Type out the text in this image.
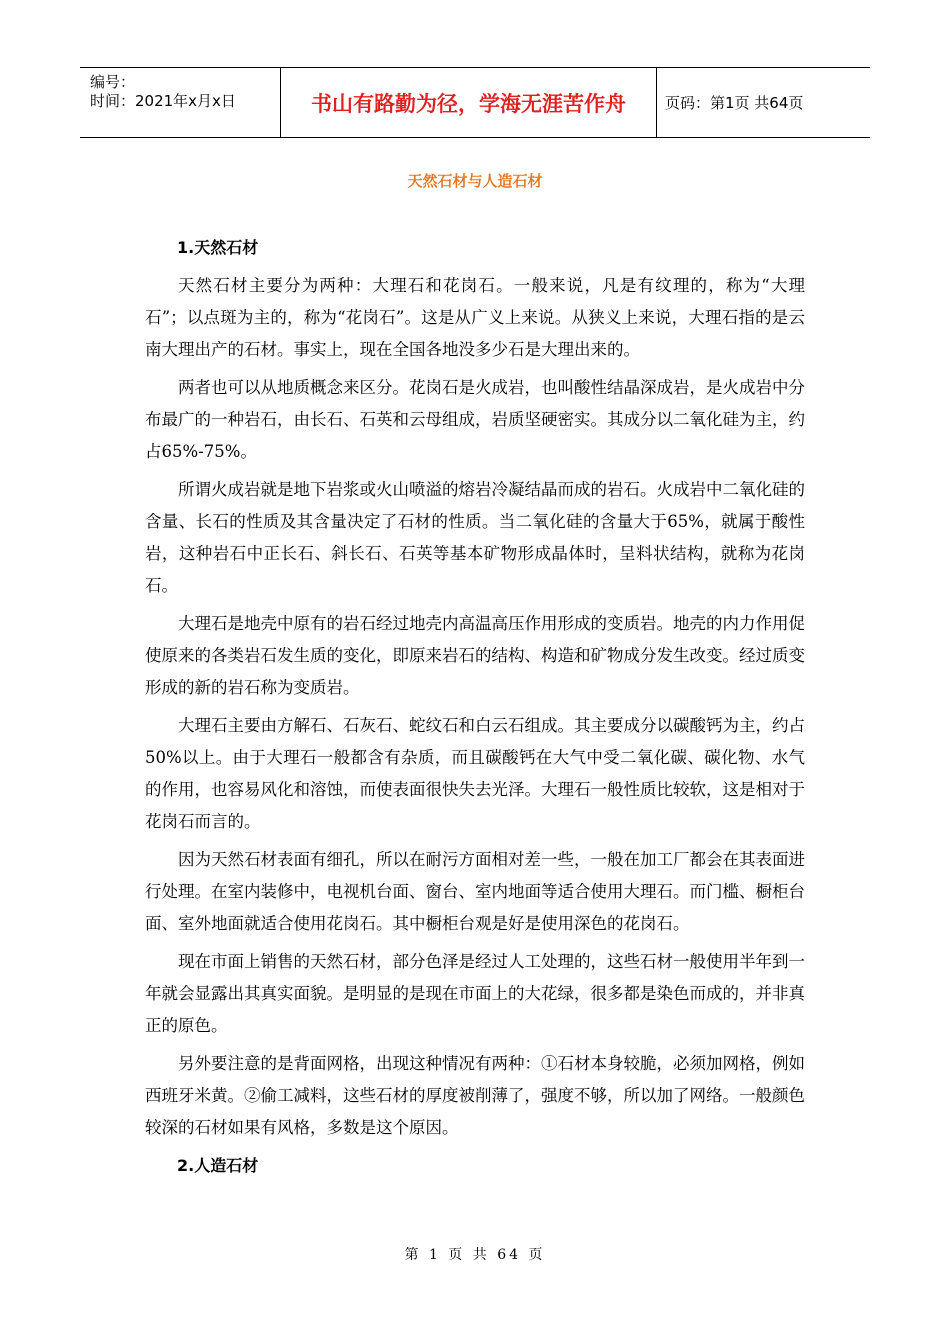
编号：
时间：2021年x月x日	书山有路勤为径，学海无涯苦作舟	页码：第1页 共64页
天然石材与人造石材
1.天然石材

天然石材主要分为两种：大理石和花岗石。一般来说，凡是有纹理的，称为“大理石”；以点斑为主的，称为“花岗石”。这是从广义上来说。从狭义上来说，大理石指的是云南大理出产的石材。事实上，现在全国各地没多少石是大理出来的。

两者也可以从地质概念来区分。花岗石是火成岩，也叫酸性结晶深成岩，是火成岩中分布最广的一种岩石，由长石、石英和云母组成，岩质坚硬密实。其成分以二氧化硅为主，约占65%-75%。

所谓火成岩就是地下岩浆或火山喷溢的熔岩冷凝结晶而成的岩石。火成岩中二氧化硅的含量、长石的性质及其含量决定了石材的性质。当二氧化硅的含量大于65%，就属于酸性岩，这种岩石中正长石、斜长石、石英等基本矿物形成晶体时，呈料状结构，就称为花岗石。

大理石是地壳中原有的岩石经过地壳内高温高压作用形成的变质岩。地壳的内力作用促使原来的各类岩石发生质的变化，即原来岩石的结构、构造和矿物成分发生改变。经过质变形成的新的岩石称为变质岩。

大理石主要由方解石、石灰石、蛇纹石和白云石组成。其主要成分以碳酸钙为主，约占50%以上。由于大理石一般都含有杂质，而且碳酸钙在大气中受二氧化碳、碳化物、水气的作用，也容易风化和溶蚀，而使表面很快失去光泽。大理石一般性质比较软，这是相对于花岗石而言的。

因为天然石材表面有细孔，所以在耐污方面相对差一些，一般在加工厂都会在其表面进行处理。在室内装修中，电视机台面、窗台、室内地面等适合使用大理石。而门槛、橱柜台面、室外地面就适合使用花岗石。其中橱柜台观是好是使用深色的花岗石。

现在市面上销售的天然石材，部分色泽是经过人工处理的，这些石材一般使用半年到一年就会显露出其真实面貌。是明显的是现在市面上的大花绿，很多都是染色而成的，并非真正的原色。

另外要注意的是背面网格，出现这种情况有两种：①石材本身较脆，必须加网格，例如西班牙米黄。②偷工减料，这些石材的厚度被削薄了，强度不够，所以加了网络。一般颜色较深的石材如果有风格，多数是这个原因。

2.人造石材
第 1 页 共 64 页
